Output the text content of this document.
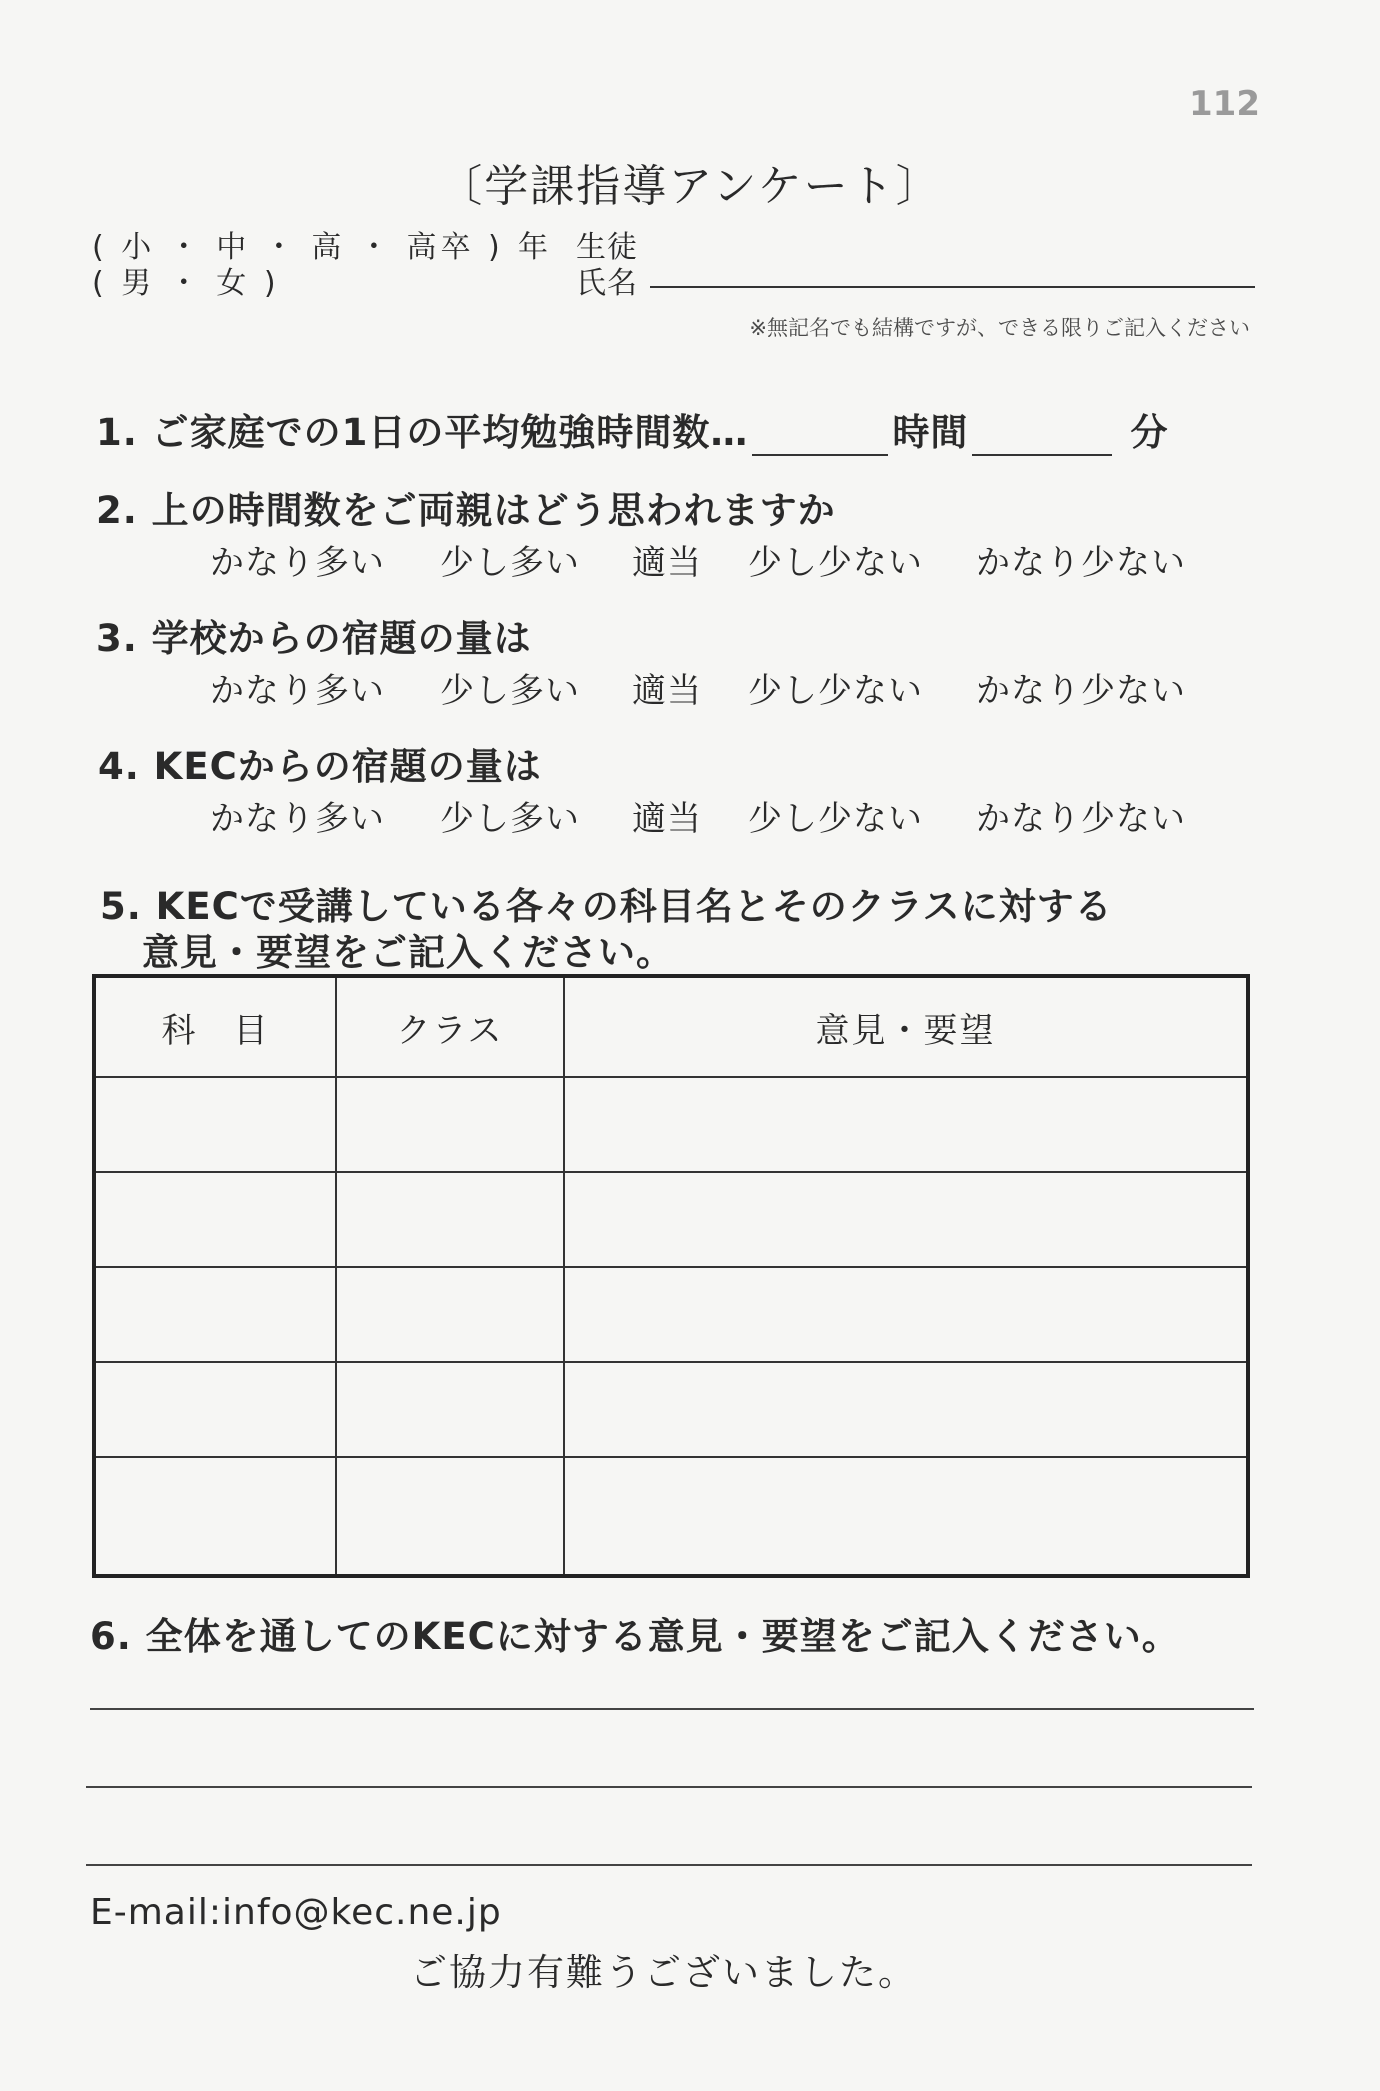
112
〔学課指導アンケート〕
( 小 ・ 中 ・ 高 ・ 高卒 )
( 男 ・ 女 )
年 生徒
氏名
※無記名でも結構ですが、できる限りご記入ください
1. ご家庭での1日の平均勉強時間数…	時間	分
2. 上の時間数をご両親はどう思われますか
かなり多い 少し多い 適当 少し少ない かなり少ない
3. 学校からの宿題の量は
かなり多い 少し多い 適当 少し少ない かなり少ない
4. KECからの宿題の量は
かなり多い 少し多い 適当 少し少ない かなり少ない
5. KECで受講している各々の科目名とそのクラスに対する
意見・要望をご記入ください。
科　目	クラス	意見・要望

6. 全体を通してのKECに対する意見・要望をご記入ください。
E-mail:info@kec.ne.jp
ご協力有難うございました。
